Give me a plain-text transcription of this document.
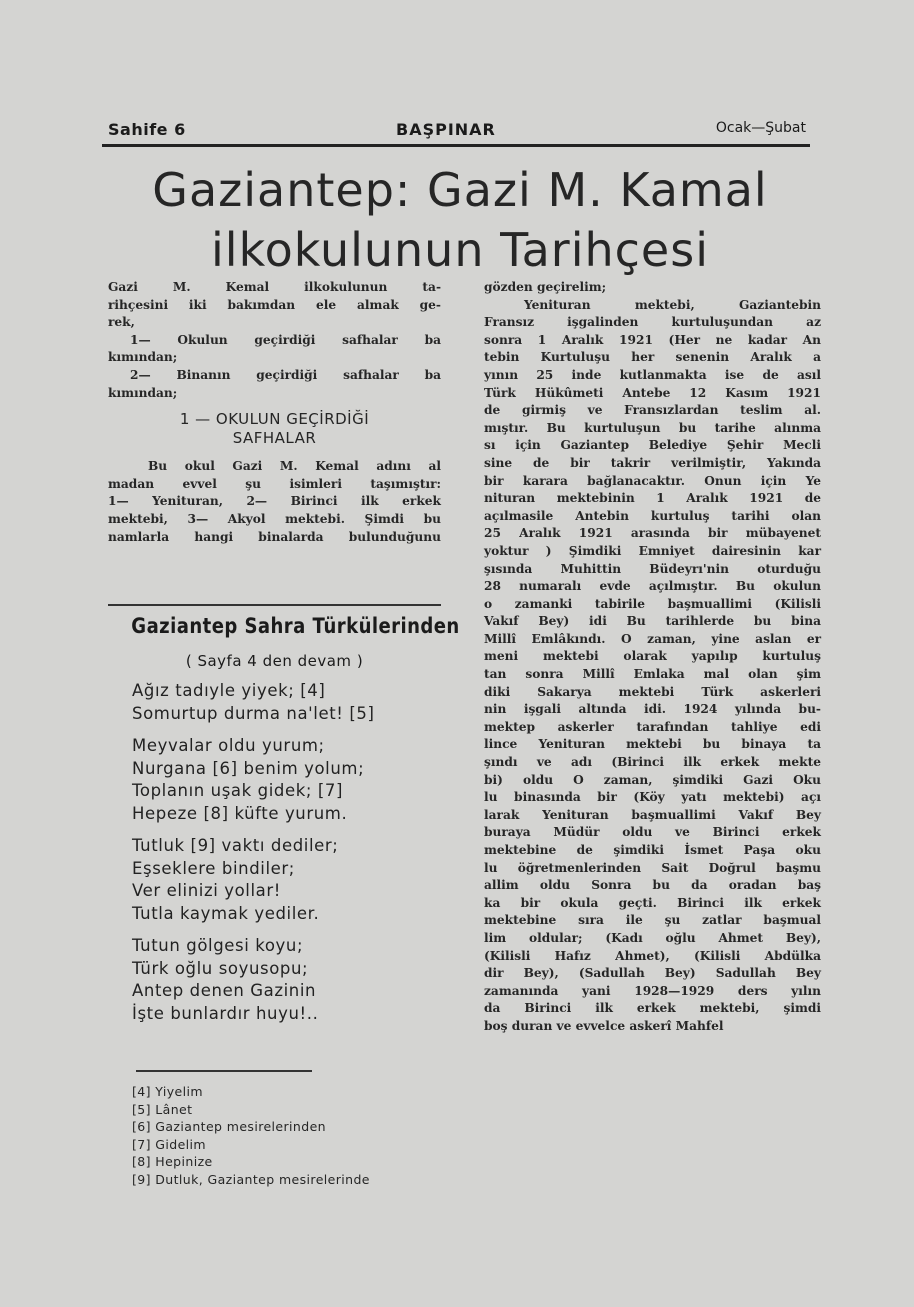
Sahife 6	BAŞPINAR	Ocak—Şubat
Gaziantep: Gazi M. Kamal
ilkokulunun Tarihçesi
Gazi M. Kemal ilkokulunun ta-
rihçesini iki bakımdan ele almak ge-
rek,
1— Okulun geçirdiği safhalar ba
kımından;
2— Binanın geçirdiği safhalar ba
kımından;
1 — OKULUN GEÇİRDİĞİ
SAFHALAR
Bu okul Gazi M. Kemal adını al
madan evvel şu isimleri taşımıştır:
1— Yenituran, 2— Birinci ilk erkek
mektebi, 3— Akyol mektebi. Şimdi bu
namlarla hangi binalarda bulunduğunu
Gaziantep Sahra Türkülerinden
( Sayfa 4 den devam )
Ağız tadıyle yiyek; [4]
Somurtup durma na'let! [5]
Meyvalar oldu yurum;
Nurgana [6] benim yolum;
Toplanın uşak gidek; [7]
Hepeze [8] küfte yurum.
Tutluk [9] vaktı dediler;
Eşseklere bindiler;
Ver elinizi yollar!
Tutla kaymak yediler.
Tutun gölgesi koyu;
Türk oğlu soyusopu;
Antep denen Gazinin
İşte bunlardır huyu!..
[4] Yiyelim
[5] Lânet
[6] Gaziantep mesirelerinden
[7] Gidelim
[8] Hepinize
[9] Dutluk, Gaziantep mesirelerinde
gözden geçirelim;
Yenituran mektebi, Gaziantebin
Fransız işgalinden kurtuluşundan az
sonra 1 Aralık 1921 (Her ne kadar An
tebin Kurtuluşu her senenin Aralık a
yının 25 inde kutlanmakta ise de asıl
Türk Hükûmeti Antebe 12 Kasım 1921
de girmiş ve Fransızlardan teslim al.
mıştır. Bu kurtuluşun bu tarihe alınma
sı için Gaziantep Belediye Şehir Mecli
sine de bir takrir verilmiştir, Yakında
bir karara bağlanacaktır. Onun için Ye
nituran mektebinin 1 Aralık 1921 de
açılmasile Antebin kurtuluş tarihi olan
25 Aralık 1921 arasında bir mübayenet
yoktur ) Şimdiki Emniyet dairesinin kar
şısında Muhittin Büdeyrı'nin oturduğu
28 numaralı evde açılmıştır. Bu okulun
o zamanki tabirile başmuallimi (Kilisli
Vakıf Bey) idi Bu tarihlerde bu bina
Millî Emlâkındı. O zaman, yine aslan er
meni mektebi olarak yapılıp kurtuluş
tan sonra Millî Emlaka mal olan şim
diki Sakarya mektebi Türk askerleri
nin işgali altında idi. 1924 yılında bu-
mektep askerler tarafından tahliye edi
lince Yenituran mektebi bu binaya ta
şındı ve adı (Birinci ilk erkek mekte
bi) oldu O zaman, şimdiki Gazi Oku
lu binasında bir (Köy yatı mektebi) açı
larak Yenituran başmuallimi Vakıf Bey
buraya Müdür oldu ve Birinci erkek
mektebine de şimdiki İsmet Paşa oku
lu öğretmenlerinden Sait Doğrul başmu
allim oldu Sonra bu da oradan baş
ka bir okula geçti. Birinci ilk erkek
mektebine sıra ile şu zatlar başmual
lim oldular; (Kadı oğlu Ahmet Bey),
(Kilisli Hafız Ahmet), (Kilisli Abdülka
dir Bey), (Sadullah Bey) Sadullah Bey
zamanında yani 1928—1929 ders yılın
da Birinci ilk erkek mektebi, şimdi
boş duran ve evvelce askerî Mahfel
